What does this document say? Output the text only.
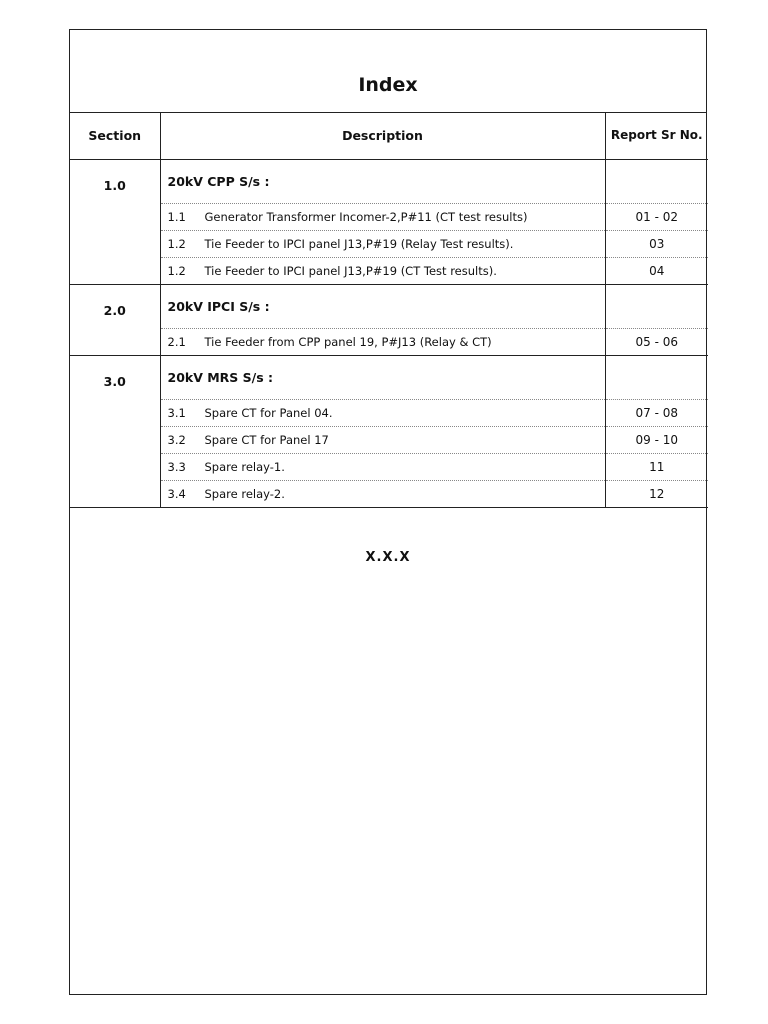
Index
Section	Description	Report Sr No.
1.0	20kV CPP S/s :	
	1.1 Generator Transformer Incomer-2,P#11 (CT test results)	01 - 02
	1.2 Tie Feeder to IPCI panel J13,P#19 (Relay Test results).	03
	1.2 Tie Feeder to IPCI panel J13,P#19 (CT Test results).	04
2.0	20kV IPCI S/s :	
	2.1 Tie Feeder from CPP panel 19, P#J13 (Relay & CT)	05 - 06
3.0	20kV MRS S/s :	
	3.1 Spare CT for Panel 04.	07 - 08
	3.2 Spare CT for Panel 17	09 - 10
	3.3 Spare relay-1.	11
	3.4 Spare relay-2.	12
X.X.X
